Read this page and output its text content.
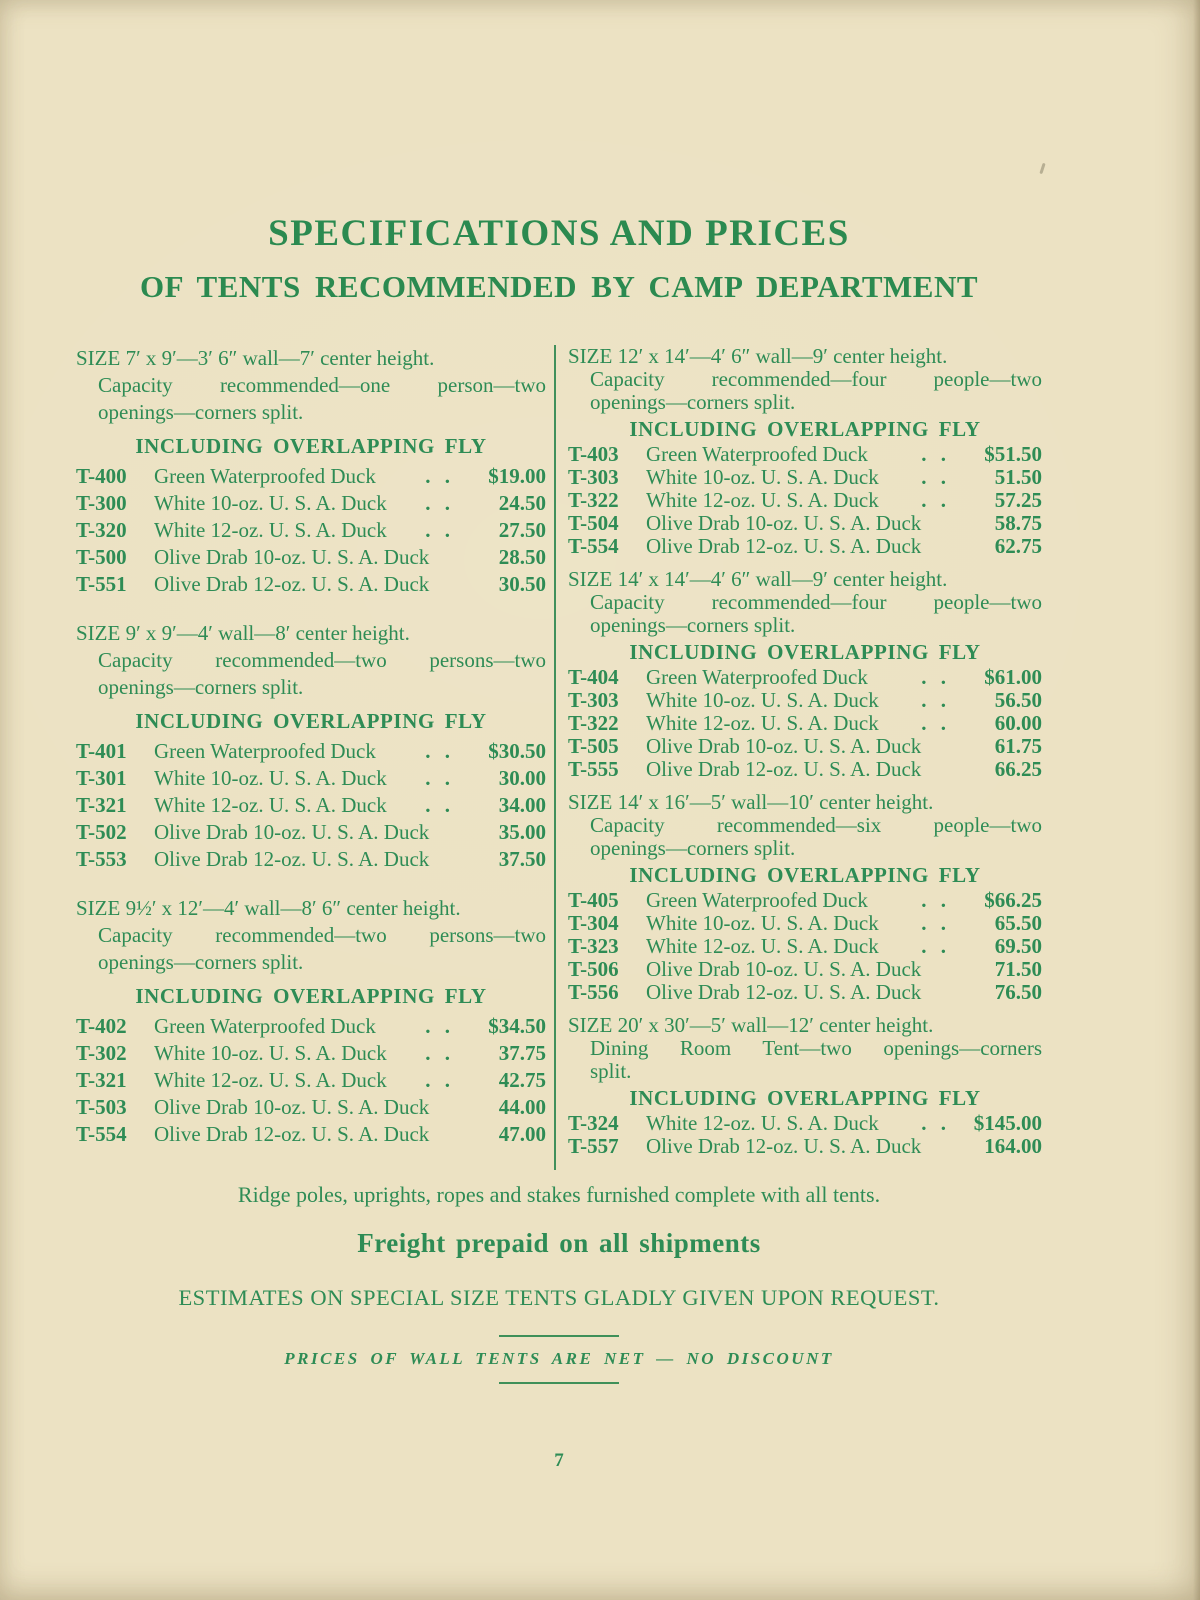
SPECIFICATIONS AND PRICES
OF TENTS RECOMMENDED BY CAMP DEPARTMENT

SIZE 7′ x 9′—3′ 6″ wall—7′ center height.

Capacity recommended—one person—two

openings—corners split.

INCLUDING OVERLAPPING FLY

T-400	Green Waterproofed Duck . .	$19.00
T-300	White 10-oz. U. S. A. Duck . .	24.50
T-320	White 12-oz. U. S. A. Duck . .	27.50
T-500	Olive Drab 10-oz. U. S. A. Duck	28.50
T-551	Olive Drab 12-oz. U. S. A. Duck	30.50

SIZE 9′ x 9′—4′ wall—8′ center height.

Capacity recommended—two persons—two

openings—corners split.

INCLUDING OVERLAPPING FLY

T-401	Green Waterproofed Duck . .	$30.50
T-301	White 10-oz. U. S. A. Duck . .	30.00
T-321	White 12-oz. U. S. A. Duck . .	34.00
T-502	Olive Drab 10-oz. U. S. A. Duck	35.00
T-553	Olive Drab 12-oz. U. S. A. Duck	37.50

SIZE 9½′ x 12′—4′ wall—8′ 6″ center height.

Capacity recommended—two persons—two

openings—corners split.

INCLUDING OVERLAPPING FLY

T-402	Green Waterproofed Duck . .	$34.50
T-302	White 10-oz. U. S. A. Duck . .	37.75
T-321	White 12-oz. U. S. A. Duck . .	42.75
T-503	Olive Drab 10-oz. U. S. A. Duck	44.00
T-554	Olive Drab 12-oz. U. S. A. Duck	47.00

SIZE 12′ x 14′—4′ 6″ wall—9′ center height.

Capacity recommended—four people—two

openings—corners split.

INCLUDING OVERLAPPING FLY

T-403	Green Waterproofed Duck	. .	$51.50
T-303	White 10-oz. U. S. A. Duck . .	51.50
T-322	White 12-oz. U. S. A. Duck . .	57.25
T-504	Olive Drab 10-oz. U. S. A. Duck	58.75
T-554	Olive Drab 12-oz. U. S. A. Duck	62.75

SIZE 14′ x 14′—4′ 6″ wall—9′ center height.

Capacity recommended—four people—two

openings—corners split.

INCLUDING OVERLAPPING FLY

T-404	Green Waterproofed Duck	. .	$61.00
T-303	White 10-oz. U. S. A. Duck . .	56.50
T-322	White 12-oz. U. S. A. Duck . .	60.00
T-505	Olive Drab 10-oz. U. S. A. Duck	61.75
T-555	Olive Drab 12-oz. U. S. A. Duck	66.25

SIZE 14′ x 16′—5′ wall—10′ center height.

Capacity recommended—six people—two

openings—corners split.

INCLUDING OVERLAPPING FLY

T-405	Green Waterproofed Duck	. .	$66.25
T-304	White 10-oz. U. S. A. Duck . .	65.50
T-323	White 12-oz. U. S. A. Duck . .	69.50
T-506	Olive Drab 10-oz. U. S. A. Duck	71.50
T-556	Olive Drab 12-oz. U. S. A. Duck	76.50

SIZE 20′ x 30′—5′ wall—12′ center height.

Dining Room Tent—two openings—corners

split.

INCLUDING OVERLAPPING FLY

T-324	White 12-oz. U. S. A. Duck . .	$145.00
T-557	Olive Drab 12-oz. U. S. A. Duck	164.00

Ridge poles, uprights, ropes and stakes furnished complete with all tents.

Freight prepaid on all shipments

ESTIMATES ON SPECIAL SIZE TENTS GLADLY GIVEN UPON REQUEST.

PRICES OF WALL TENTS ARE NET — NO DISCOUNT

7
